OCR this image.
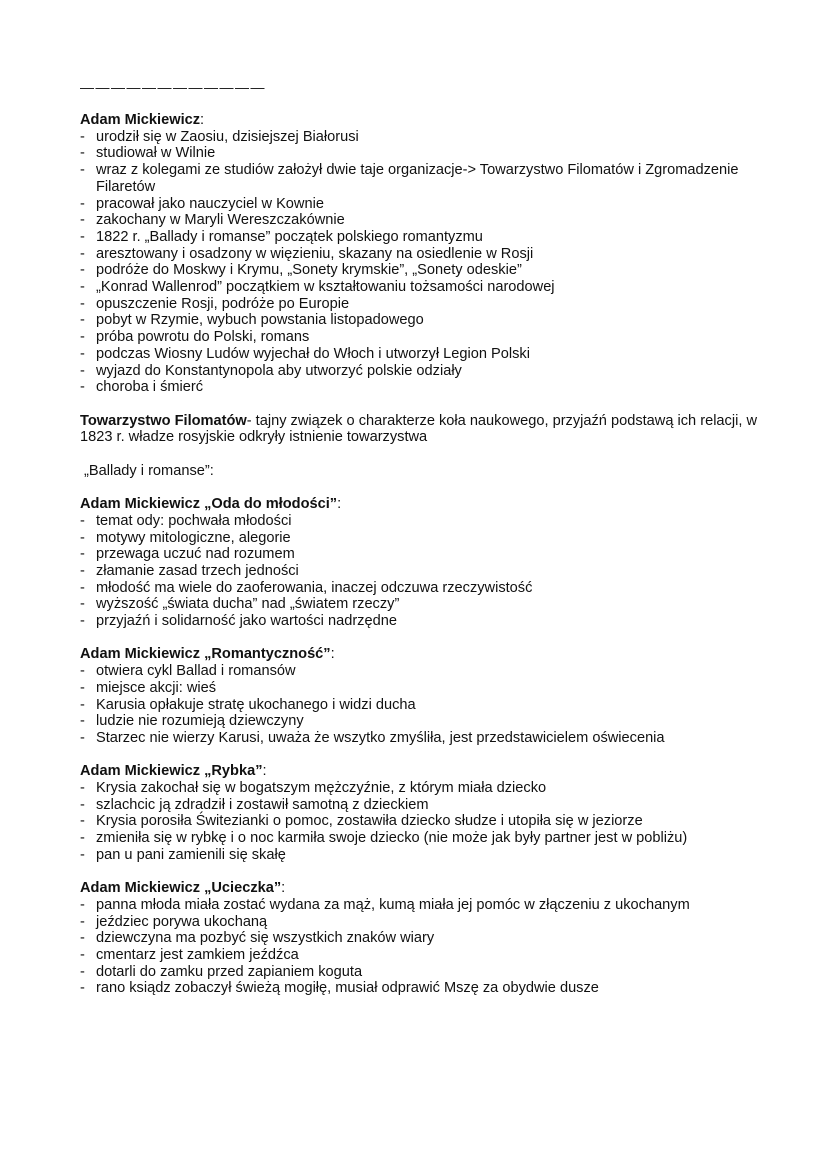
————————————
Adam Mickiewicz:
- urodził się w Zaosiu, dzisiejszej Białorusi
- studiował w Wilnie
- wraz z kolegami ze studiów założył dwie taje organizacje-> Towarzystwo Filomatów i Zgromadzenie Filaretów
- pracował jako nauczyciel w Kownie
- zakochany w Maryli Wereszczakównie
- 1822 r. „Ballady i romanse” początek polskiego romantyzmu
- aresztowany i osadzony w więzieniu, skazany na osiedlenie w Rosji
- podróże do Moskwy i Krymu, „Sonety krymskie”, „Sonety odeskie”
- „Konrad Wallenrod” początkiem w kształtowaniu tożsamości narodowej
- opuszczenie Rosji, podróże po Europie
- pobyt w Rzymie, wybuch powstania listopadowego
- próba powrotu do Polski, romans
- podczas Wiosny Ludów wyjechał do Włoch i utworzył Legion Polski
- wyjazd do Konstantynopola aby utworzyć polskie odziały
- choroba i śmierć

Towarzystwo Filomatów- tajny związek o charakterze koła naukowego, przyjaźń podstawą ich relacji, w 1823 r. władze rosyjskie odkryły istnienie towarzystwa

„Ballady i romanse”:

Adam Mickiewicz „Oda do młodości”:
- temat ody: pochwała młodości
- motywy mitologiczne, alegorie
- przewaga uczuć nad rozumem
- złamanie zasad trzech jedności
- młodość ma wiele do zaoferowania, inaczej odczuwa rzeczywistość
- wyższość „świata ducha” nad „światem rzeczy”
- przyjaźń i solidarność jako wartości nadrzędne
Adam Mickiewicz „Romantyczność”:
- otwiera cykl Ballad i romansów
- miejsce akcji: wieś
- Karusia opłakuje stratę ukochanego i widzi ducha
- ludzie nie rozumieją dziewczyny
- Starzec nie wierzy Karusi, uważa że wszytko zmyśliła, jest przedstawicielem oświecenia
Adam Mickiewicz „Rybka”:
- Krysia zakochał się w bogatszym mężczyźnie, z którym miała dziecko
- szlachcic ją zdradził i zostawił samotną z dzieckiem
- Krysia porosiła Świtezianki o pomoc, zostawiła dziecko słudze i utopiła się w jeziorze
- zmieniła się w rybkę i o noc karmiła swoje dziecko (nie może jak były partner jest w pobliżu)
- pan u pani zamienili się skałę
Adam Mickiewicz „Ucieczka”:
- panna młoda miała zostać wydana za mąż, kumą miała jej pomóc w złączeniu z ukochanym
- jeździec porywa ukochaną
- dziewczyna ma pozbyć się wszystkich znaków wiary
- cmentarz jest zamkiem jeźdźca
- dotarli do zamku przed zapianiem koguta
- rano ksiądz zobaczył świeżą mogiłę, musiał odprawić Mszę za obydwie dusze
